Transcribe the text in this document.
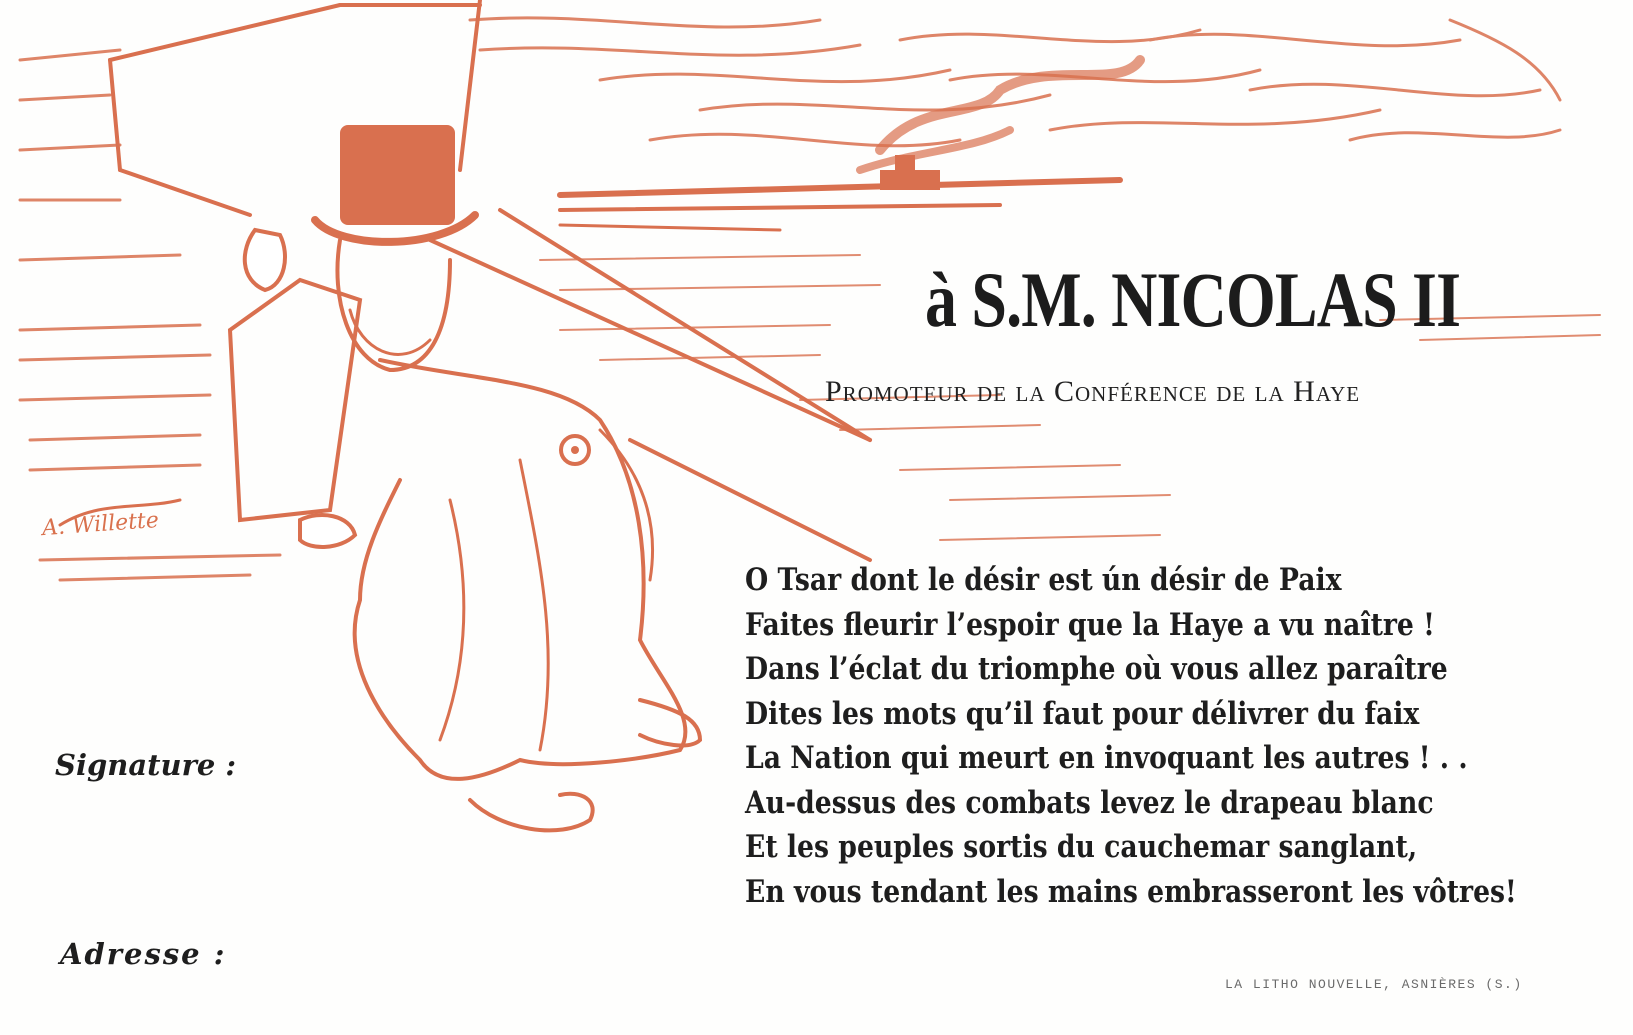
A. Willette
à S.M. NICOLAS II
Promoteur de la Conférence de la Haye
O Tsar dont le désir est ún désir de Paix
Faites fleurir l’espoir que la Haye a vu naître !
Dans l’éclat du triomphe où vous allez paraître
Dites les mots qu’il faut pour délivrer du faix
La Nation qui meurt en invoquant les autres ! . .
Au-dessus des combats levez le drapeau blanc
Et les peuples sortis du cauchemar sanglant,
En vous tendant les mains embrasseront les vôtres!
Signature :
Adresse :
LA LITHO NOUVELLE, ASNIÈRES (S.)
